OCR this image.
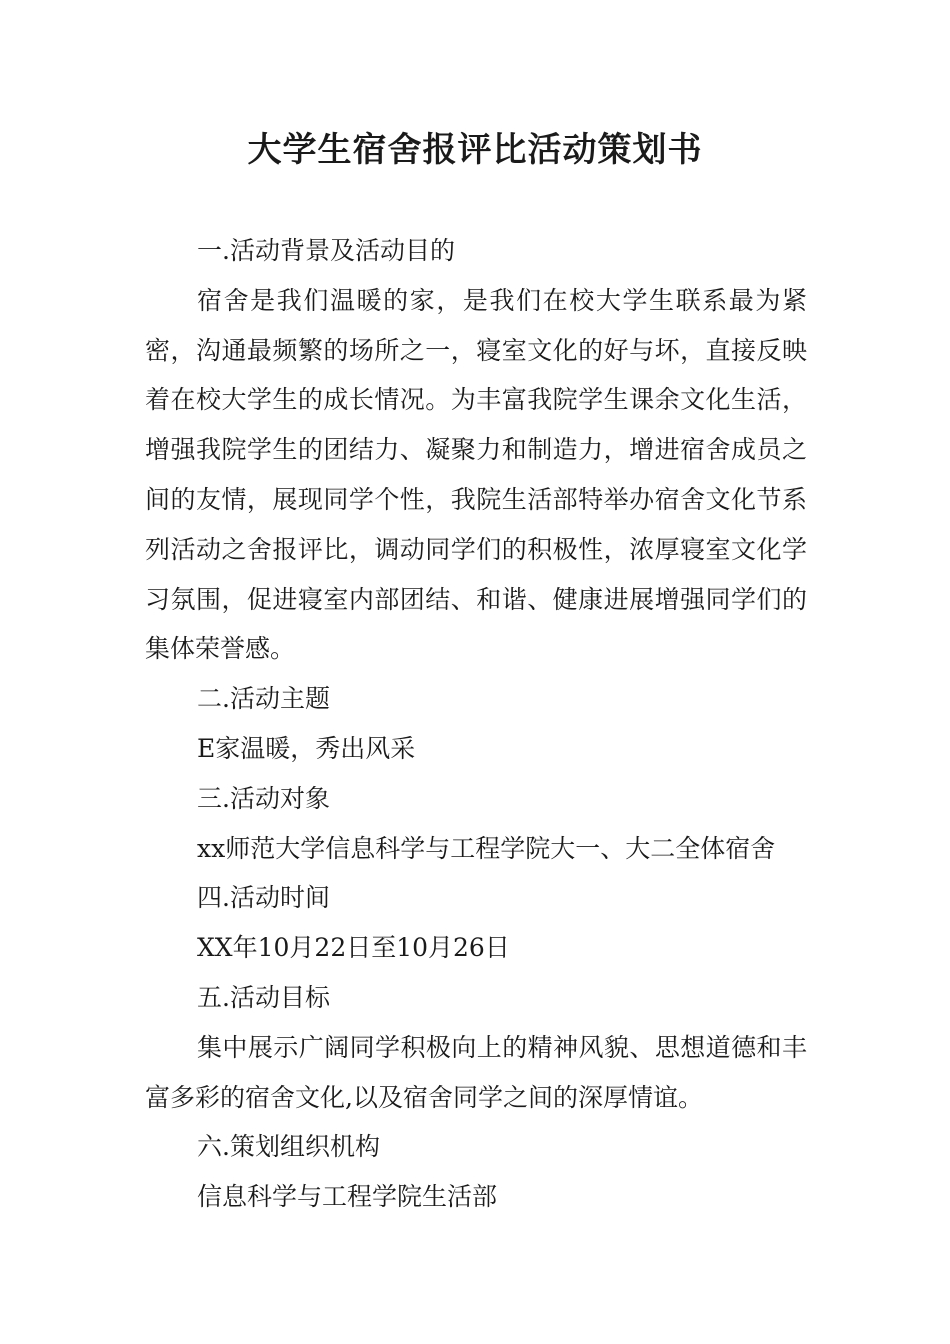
大学生宿舍报评比活动策划书

一.活动背景及活动目的

宿舍是我们温暖的家，是我们在校大学生联系最为紧密，沟通最频繁的场所之一，寝室文化的好与坏，直接反映着在校大学生的成长情况。为丰富我院学生课余文化生活，增强我院学生的团结力、凝聚力和制造力，增进宿舍成员之间的友情，展现同学个性，我院生活部特举办宿舍文化节系列活动之舍报评比，调动同学们的积极性，浓厚寝室文化学习氛围，促进寝室内部团结、和谐、健康进展增强同学们的集体荣誉感。

二.活动主题

E家温暖，秀出风采

三.活动对象

xx师范大学信息科学与工程学院大一、大二全体宿舍

四.活动时间

XX年10月22日至10月26日

五.活动目标

集中展示广阔同学积极向上的精神风貌、思想道德和丰富多彩的宿舍文化,以及宿舍同学之间的深厚情谊。

六.策划组织机构

信息科学与工程学院生活部
